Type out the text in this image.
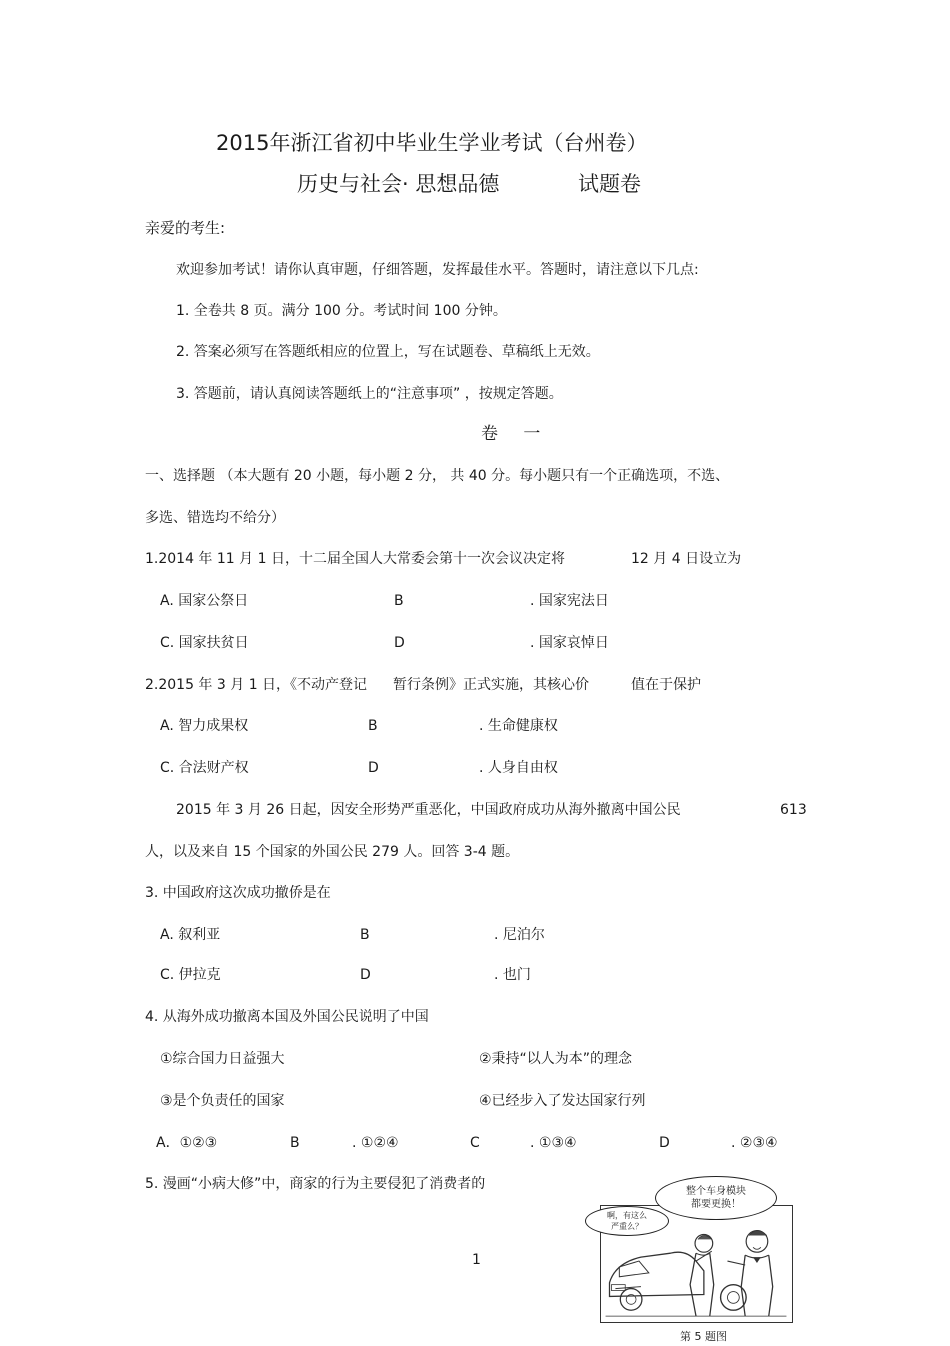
2015年浙江省初中毕业生学业考试（台州卷）
历史与社会· 思想品德	试题卷
亲爱的考生:
欢迎参加考试！请你认真审题，仔细答题，发挥最佳水平。答题时，请注意以下几点:
1. 全卷共 8 页。满分 100 分。考试时间 100 分钟。
2. 答案必须写在答题纸相应的位置上，写在试题卷、草稿纸上无效。
3. 答题前，请认真阅读答题纸上的“注意事项” ，按规定答题。
卷 一
一、选择题 （本大题有 20 小题，每小题 2 分， 共 40 分。每小题只有一个正确选项，不选、
多选、错选均不给分）
1.2014 年 11 月 1 日，十二届全国人大常委会第十一次会议决定将	12 月 4 日设立为
A. 国家公祭日	B	. 国家宪法日
C. 国家扶贫日	D	. 国家哀悼日
2.2015 年 3 月 1 日，《不动产登记 暂行条例》正式实施，其核心价	值在于保护
A. 智力成果权	B	. 生命健康权
C. 合法财产权	D	. 人身自由权
2015 年 3 月 26 日起，因安全形势严重恶化，中国政府成功从海外撤离中国公民	613
人，以及来自 15 个国家的外国公民 279 人。回答 3-4 题。
3. 中国政府这次成功撤侨是在
A. 叙利亚	B	. 尼泊尔
C. 伊拉克	D	. 也门
4. 从海外成功撤离本国及外国公民说明了中国
①综合国力日益强大	②秉持“以人为本”的理念
③是个负责任的国家	④已经步入了发达国家行列
A．①②③	B	. ①②④	C	. ①③④	D	. ②③④
5. 漫画“小病大修”中，商家的行为主要侵犯了消费者的	整个车身模块
都要更换！
啊，有这么
严重么？
第 5 题图
1
